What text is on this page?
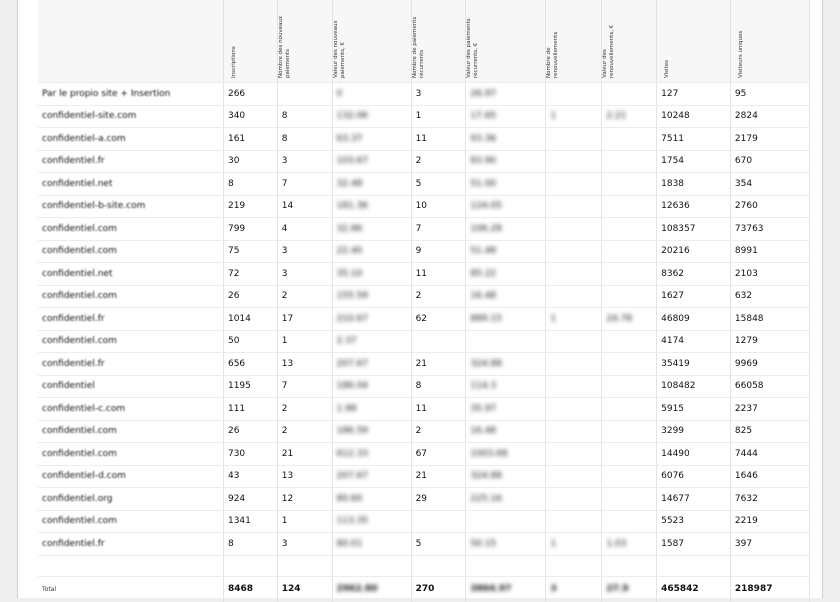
	Inscriptions	Nombre des nouveaux paiements	Valeur des nouveaux paiements, €	Nombre de paiements récurrents	Valeur des paiements récurrents, €	Nombre de renouvellements	Valeur des renouvellements, €	Visites	Visiteurs uniques

Par le propio site + Insertion	266		0	3	26.97			127	95
confidentiel-site.com	340	8	132.06	1	17.65	1	2.21	10248	2824
confidentiel-a.com	161	8	63.37	11	93.36			7511	2179
confidentiel.fr	30	3	103.67	2	83.90			1754	670
confidentiel.net	8	7	32.48	5	51.00			1838	354
confidentiel-b-site.com	219	14	181.36	10	124.05			12636	2760
confidentiel.com	799	4	32.86	7	106.28			108357	73763
confidentiel.com	75	3	22.40	9	51.48			20216	8991
confidentiel.net	72	3	35.10	11	85.22			8362	2103
confidentiel.com	26	2	155.59	2	16.48			1627	632
confidentiel.fr	1014	17	210.67	62	889.15	1	24.78	46809	15848
confidentiel.com	50	1	2.37					4174	1279
confidentiel.fr	656	13	207.67	21	324.88			35419	9969
confidentiel	1195	7	186.04	8	114.3			108482	66058
confidentiel-c.com	111	2	1.98	11	35.97			5915	2237
confidentiel.com	26	2	186.59	2	16.48			3299	825
confidentiel.com	730	21	612.33	67	1003.68			14490	7444
confidentiel-d.com	43	13	207.67	21	324.88			6076	1646
confidentiel.org	924	12	80.60	29	225.16			14677	7632
confidentiel.com	1341	1	113.35					5523	2219
confidentiel.fr	8	3	80.01	5	50.15	1	1.03	1587	397

Total	8468	124	2962.80	270	3864.97	3	27.9	465842	218987
